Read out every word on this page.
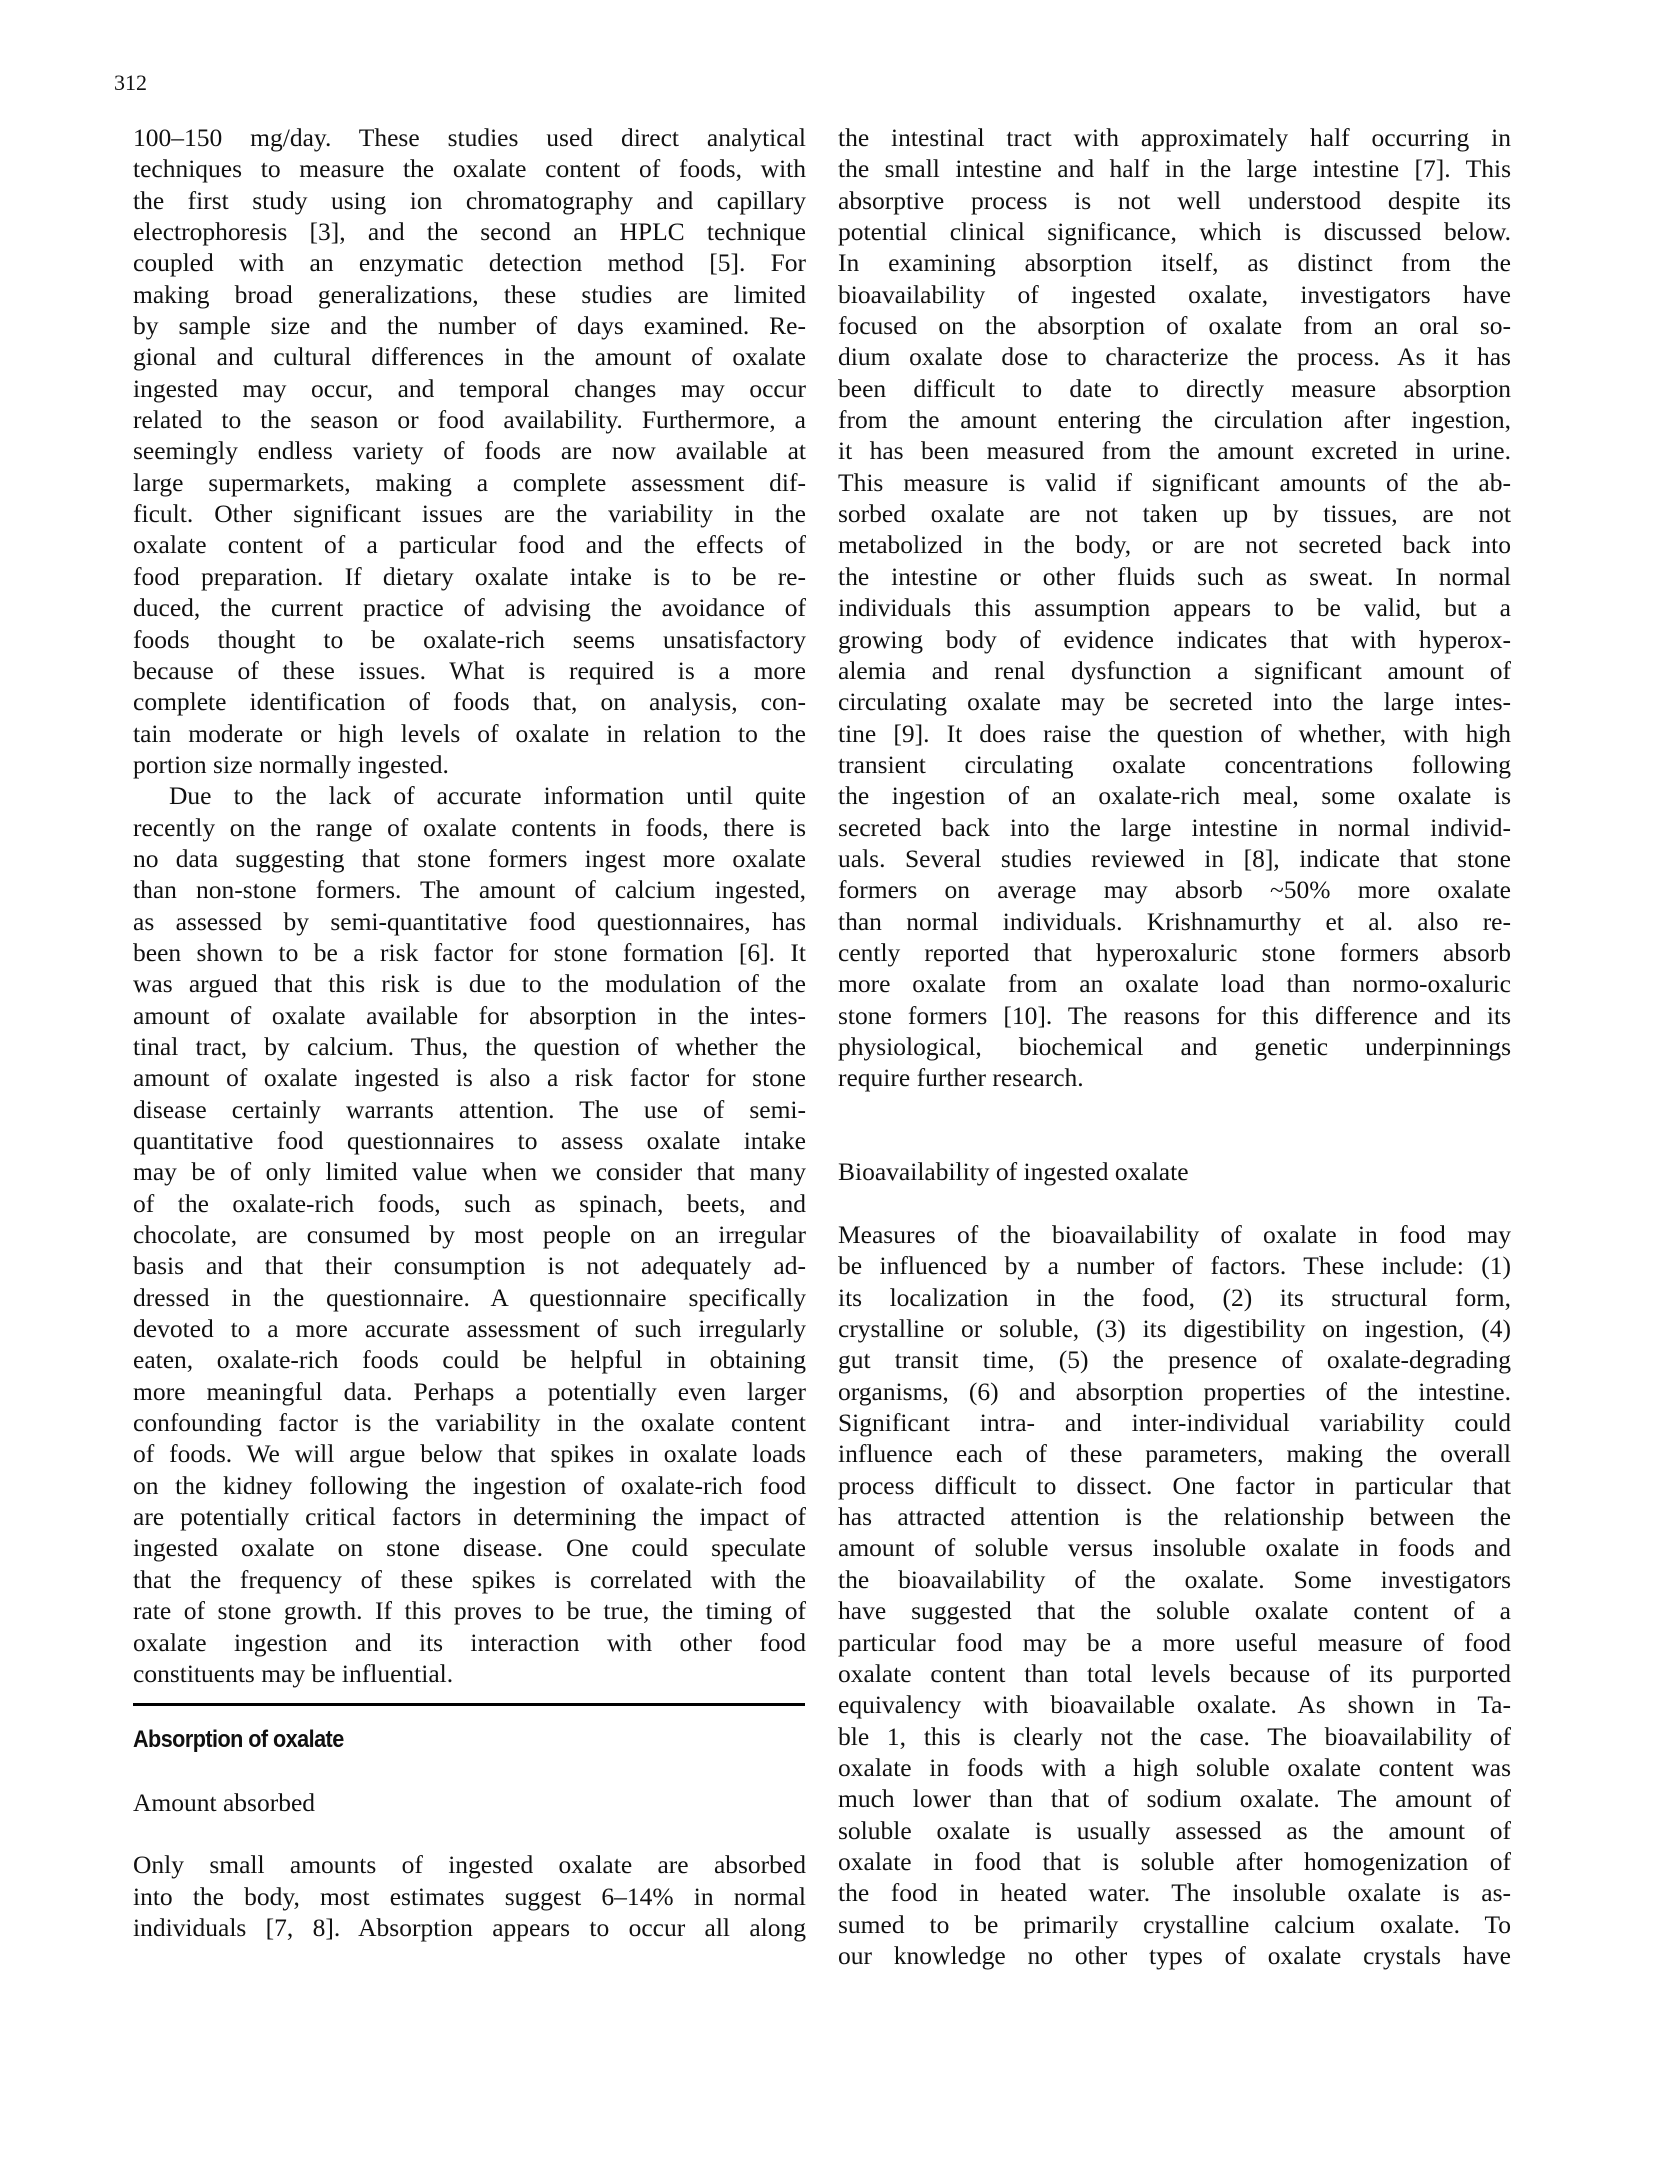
312
100–150 mg/day. These studies used direct analytical
techniques to measure the oxalate content of foods, with
the first study using ion chromatography and capillary
electrophoresis [3], and the second an HPLC technique
coupled with an enzymatic detection method [5]. For
making broad generalizations, these studies are limited
by sample size and the number of days examined. Re-
gional and cultural differences in the amount of oxalate
ingested may occur, and temporal changes may occur
related to the season or food availability. Furthermore, a
seemingly endless variety of foods are now available at
large supermarkets, making a complete assessment dif-
ficult. Other significant issues are the variability in the
oxalate content of a particular food and the effects of
food preparation. If dietary oxalate intake is to be re-
duced, the current practice of advising the avoidance of
foods thought to be oxalate-rich seems unsatisfactory
because of these issues. What is required is a more
complete identification of foods that, on analysis, con-
tain moderate or high levels of oxalate in relation to the
portion size normally ingested.
Due to the lack of accurate information until quite
recently on the range of oxalate contents in foods, there is
no data suggesting that stone formers ingest more oxalate
than non-stone formers. The amount of calcium ingested,
as assessed by semi-quantitative food questionnaires, has
been shown to be a risk factor for stone formation [6]. It
was argued that this risk is due to the modulation of the
amount of oxalate available for absorption in the intes-
tinal tract, by calcium. Thus, the question of whether the
amount of oxalate ingested is also a risk factor for stone
disease certainly warrants attention. The use of semi-
quantitative food questionnaires to assess oxalate intake
may be of only limited value when we consider that many
of the oxalate-rich foods, such as spinach, beets, and
chocolate, are consumed by most people on an irregular
basis and that their consumption is not adequately ad-
dressed in the questionnaire. A questionnaire specifically
devoted to a more accurate assessment of such irregularly
eaten, oxalate-rich foods could be helpful in obtaining
more meaningful data. Perhaps a potentially even larger
confounding factor is the variability in the oxalate content
of foods. We will argue below that spikes in oxalate loads
on the kidney following the ingestion of oxalate-rich food
are potentially critical factors in determining the impact of
ingested oxalate on stone disease. One could speculate
that the frequency of these spikes is correlated with the
rate of stone growth. If this proves to be true, the timing of
oxalate ingestion and its interaction with other food
constituents may be influential.
Absorption of oxalate
Amount absorbed
Only small amounts of ingested oxalate are absorbed
into the body, most estimates suggest 6–14% in normal
individuals [7, 8]. Absorption appears to occur all along
the intestinal tract with approximately half occurring in
the small intestine and half in the large intestine [7]. This
absorptive process is not well understood despite its
potential clinical significance, which is discussed below.
In examining absorption itself, as distinct from the
bioavailability of ingested oxalate, investigators have
focused on the absorption of oxalate from an oral so-
dium oxalate dose to characterize the process. As it has
been difficult to date to directly measure absorption
from the amount entering the circulation after ingestion,
it has been measured from the amount excreted in urine.
This measure is valid if significant amounts of the ab-
sorbed oxalate are not taken up by tissues, are not
metabolized in the body, or are not secreted back into
the intestine or other fluids such as sweat. In normal
individuals this assumption appears to be valid, but a
growing body of evidence indicates that with hyperox-
alemia and renal dysfunction a significant amount of
circulating oxalate may be secreted into the large intes-
tine [9]. It does raise the question of whether, with high
transient circulating oxalate concentrations following
the ingestion of an oxalate-rich meal, some oxalate is
secreted back into the large intestine in normal individ-
uals. Several studies reviewed in [8], indicate that stone
formers on average may absorb ~50% more oxalate
than normal individuals. Krishnamurthy et al. also re-
cently reported that hyperoxaluric stone formers absorb
more oxalate from an oxalate load than normo-oxaluric
stone formers [10]. The reasons for this difference and its
physiological, biochemical and genetic underpinnings
require further research.
Bioavailability of ingested oxalate
Measures of the bioavailability of oxalate in food may
be influenced by a number of factors. These include: (1)
its localization in the food, (2) its structural form,
crystalline or soluble, (3) its digestibility on ingestion, (4)
gut transit time, (5) the presence of oxalate-degrading
organisms, (6) and absorption properties of the intestine.
Significant intra- and inter-individual variability could
influence each of these parameters, making the overall
process difficult to dissect. One factor in particular that
has attracted attention is the relationship between the
amount of soluble versus insoluble oxalate in foods and
the bioavailability of the oxalate. Some investigators
have suggested that the soluble oxalate content of a
particular food may be a more useful measure of food
oxalate content than total levels because of its purported
equivalency with bioavailable oxalate. As shown in Ta-
ble 1, this is clearly not the case. The bioavailability of
oxalate in foods with a high soluble oxalate content was
much lower than that of sodium oxalate. The amount of
soluble oxalate is usually assessed as the amount of
oxalate in food that is soluble after homogenization of
the food in heated water. The insoluble oxalate is as-
sumed to be primarily crystalline calcium oxalate. To
our knowledge no other types of oxalate crystals have
